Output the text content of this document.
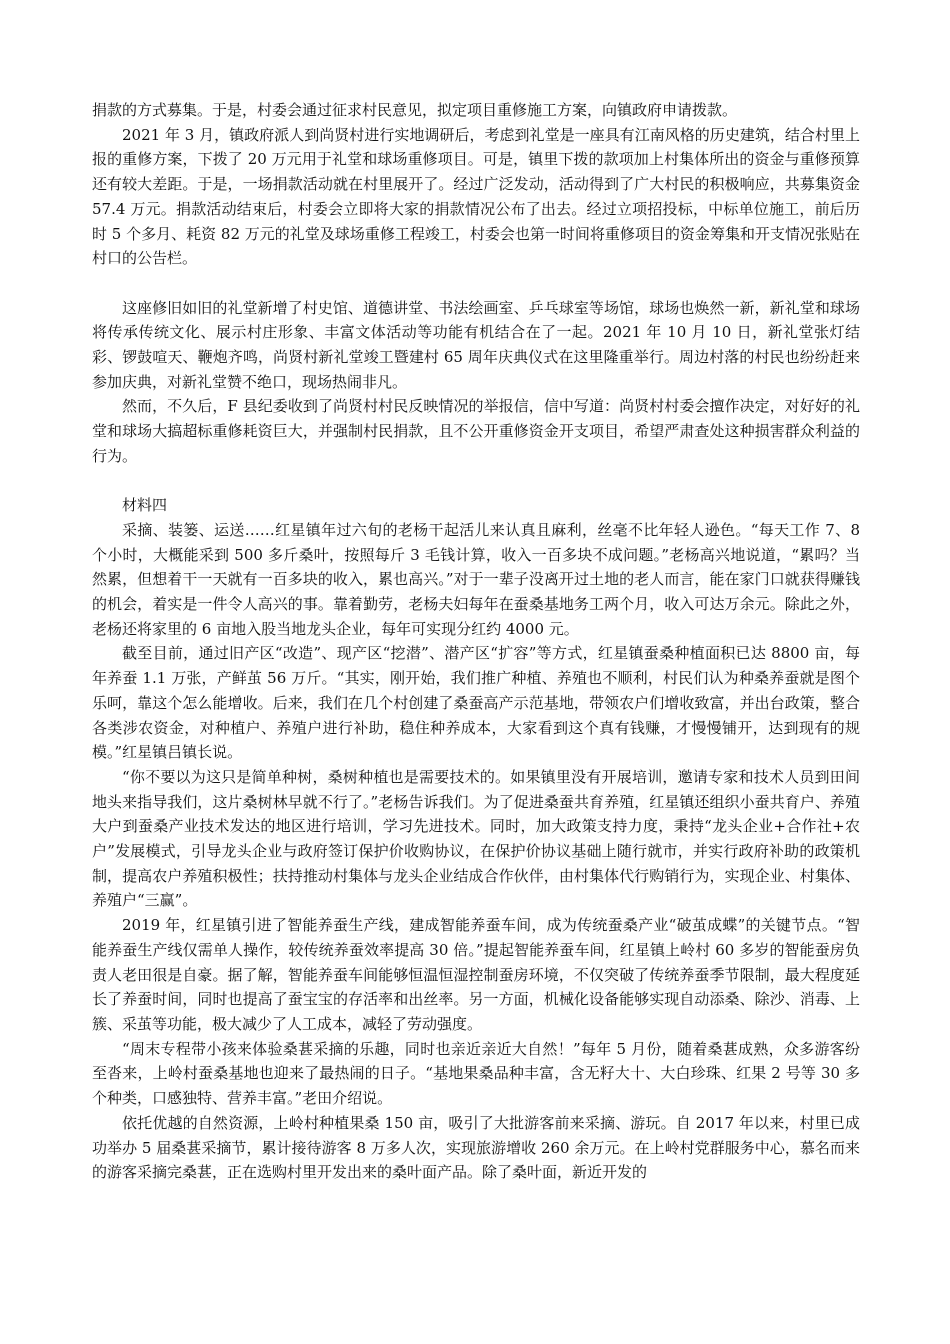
捐款的方式募集。于是，村委会通过征求村民意见，拟定项目重修施工方案，向镇政府申请拨款。

2021 年 3 月，镇政府派人到尚贤村进行实地调研后，考虑到礼堂是一座具有江南风格的历史建筑，结合村里上报的重修方案，下拨了 20 万元用于礼堂和球场重修项目。可是，镇里下拨的款项加上村集体所出的资金与重修预算还有较大差距。于是，一场捐款活动就在村里展开了。经过广泛发动，活动得到了广大村民的积极响应，共募集资金 57.4 万元。捐款活动结束后，村委会立即将大家的捐款情况公布了出去。经过立项招投标，中标单位施工，前后历时 5 个多月、耗资 82 万元的礼堂及球场重修工程竣工，村委会也第一时间将重修项目的资金筹集和开支情况张贴在村口的公告栏。

这座修旧如旧的礼堂新增了村史馆、道德讲堂、书法绘画室、乒乓球室等场馆，球场也焕然一新，新礼堂和球场将传承传统文化、展示村庄形象、丰富文体活动等功能有机结合在了一起。2021 年 10 月 10 日，新礼堂张灯结彩、锣鼓喧天、鞭炮齐鸣，尚贤村新礼堂竣工暨建村 65 周年庆典仪式在这里隆重举行。周边村落的村民也纷纷赶来参加庆典，对新礼堂赞不绝口，现场热闹非凡。

然而，不久后，F 县纪委收到了尚贤村村民反映情况的举报信，信中写道：尚贤村村委会擅作决定，对好好的礼堂和球场大搞超标重修耗资巨大，并强制村民捐款，且不公开重修资金开支项目，希望严肃查处这种损害群众利益的行为。

材料四

采摘、装篓、运送……红星镇年过六旬的老杨干起活儿来认真且麻利，丝毫不比年轻人逊色。“每天工作 7、8 个小时，大概能采到 500 多斤桑叶，按照每斤 3 毛钱计算，收入一百多块不成问题。”老杨高兴地说道，“累吗？当然累，但想着干一天就有一百多块的收入，累也高兴。”对于一辈子没离开过土地的老人而言，能在家门口就获得赚钱的机会，着实是一件令人高兴的事。靠着勤劳，老杨夫妇每年在蚕桑基地务工两个月，收入可达万余元。除此之外，老杨还将家里的 6 亩地入股当地龙头企业，每年可实现分红约 4000 元。

截至目前，通过旧产区“改造”、现产区“挖潜”、潜产区“扩容”等方式，红星镇蚕桑种植面积已达 8800 亩，每年养蚕 1.1 万张，产鲜茧 56 万斤。“其实，刚开始，我们推广种植、养殖也不顺利，村民们认为种桑养蚕就是图个乐呵，靠这个怎么能增收。后来，我们在几个村创建了桑蚕高产示范基地，带领农户们增收致富，并出台政策，整合各类涉农资金，对种植户、养殖户进行补助，稳住种养成本，大家看到这个真有钱赚，才慢慢铺开，达到现有的规模。”红星镇吕镇长说。

“你不要以为这只是简单种树，桑树种植也是需要技术的。如果镇里没有开展培训，邀请专家和技术人员到田间地头来指导我们，这片桑树林早就不行了。”老杨告诉我们。为了促进桑蚕共育养殖，红星镇还组织小蚕共育户、养殖大户到蚕桑产业技术发达的地区进行培训，学习先进技术。同时，加大政策支持力度，秉持“龙头企业+合作社+农户”发展模式，引导龙头企业与政府签订保护价收购协议，在保护价协议基础上随行就市，并实行政府补助的政策机制，提高农户养殖积极性；扶持推动村集体与龙头企业结成合作伙伴，由村集体代行购销行为，实现企业、村集体、养殖户“三赢”。

2019 年，红星镇引进了智能养蚕生产线，建成智能养蚕车间，成为传统蚕桑产业“破茧成蝶”的关键节点。“智能养蚕生产线仅需单人操作，较传统养蚕效率提高 30 倍。”提起智能养蚕车间，红星镇上岭村 60 多岁的智能蚕房负责人老田很是自豪。据了解，智能养蚕车间能够恒温恒湿控制蚕房环境，不仅突破了传统养蚕季节限制，最大程度延长了养蚕时间，同时也提高了蚕宝宝的存活率和出丝率。另一方面，机械化设备能够实现自动添桑、除沙、消毒、上簇、采茧等功能，极大减少了人工成本，减轻了劳动强度。

“周末专程带小孩来体验桑葚采摘的乐趣，同时也亲近亲近大自然！”每年 5 月份，随着桑葚成熟，众多游客纷至沓来，上岭村蚕桑基地也迎来了最热闹的日子。“基地果桑品种丰富，含无籽大十、大白珍珠、红果 2 号等 30 多个种类，口感独特、营养丰富。”老田介绍说。

依托优越的自然资源，上岭村种植果桑 150 亩，吸引了大批游客前来采摘、游玩。自 2017 年以来，村里已成功举办 5 届桑葚采摘节，累计接待游客 8 万多人次，实现旅游增收 260 余万元。在上岭村党群服务中心，慕名而来的游客采摘完桑葚，正在选购村里开发出来的桑叶面产品。除了桑叶面，新近开发的
